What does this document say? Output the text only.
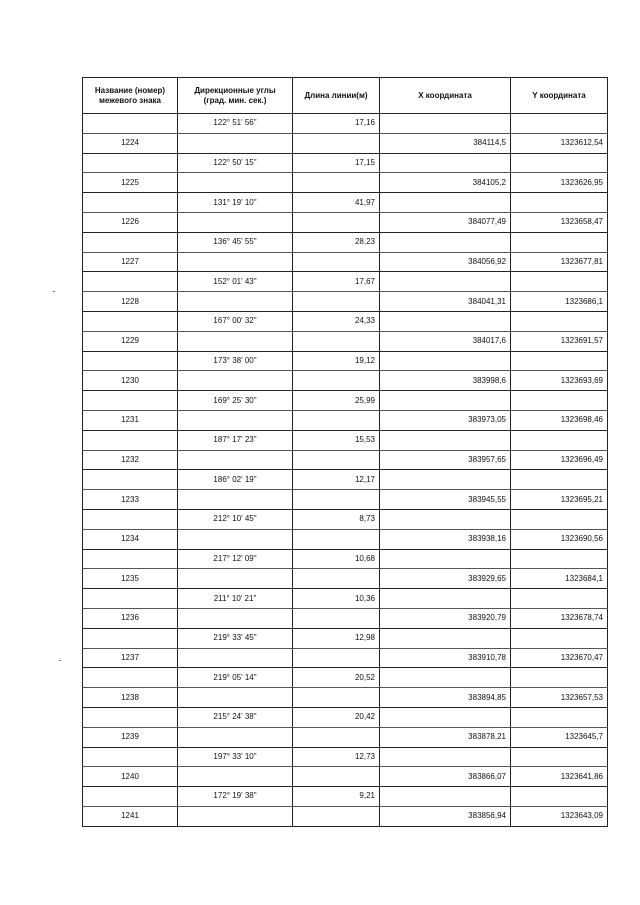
Название (номер)
межевого знака	Дирекционные углы
(град. мин. сек.)	Длина линии(м)	X координата	Y координата
	122° 51' 56"	17,16		
1224			384114,5	1323612,54
	122° 50' 15"	17,15		
1225			384105,2	1323626,95
	131° 19' 10"	41,97		
1226			384077,49	1323658,47
	136° 45' 55"	28,23		
1227			384056,92	1323677,81
	152° 01' 43"	17,67		
1228			384041,31	1323686,1
	167° 00' 32"	24,33		
1229			384017,6	1323691,57
	173° 38' 00"	19,12		
1230			383998,6	1323693,69
	169° 25' 30"	25,99		
1231			383973,05	1323698,46
	187° 17' 23"	15,53		
1232			383957,65	1323696,49
	186° 02' 19"	12,17		
1233			383945,55	1323695,21
	212° 10' 45"	8,73		
1234			383938,16	1323690,56
	217° 12' 09"	10,68		
1235			383929,65	1323684,1
	211° 10' 21"	10,36		
1236			383920,79	1323678,74
	219° 33' 45"	12,98		
1237			383910,78	1323670,47
	219° 05' 14"	20,52		
1238			383894,85	1323657,53
	215° 24' 38"	20,42		
1239			383878,21	1323645,7
	197° 33' 10"	12,73		
1240			383866,07	1323641,86
	172° 19' 38"	9,21		
1241			383856,94	1323643,09
